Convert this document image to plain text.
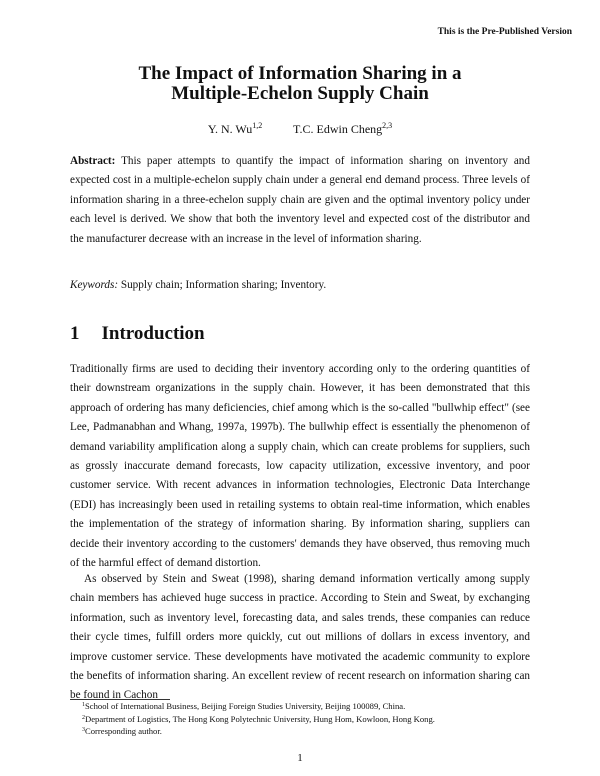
This is the Pre-Published Version
The Impact of Information Sharing in a
Multiple-Echelon Supply Chain
Y. N. Wu$^{1,2}$	T.C. Edwin Cheng$^{2,3}$
Abstract: This paper attempts to quantify the impact of information sharing on inventory and expected cost in a multiple-echelon supply chain under a general end demand process. Three levels of information sharing in a three-echelon supply chain are given and the optimal inventory policy under each level is derived. We show that both the inventory level and expected cost of the distributor and the manufacturer decrease with an increase in the level of information sharing.
Keywords: Supply chain; Information sharing; Inventory.
1 Introduction
Traditionally firms are used to deciding their inventory according only to the ordering quantities of their downstream organizations in the supply chain. However, it has been demonstrated that this approach of ordering has many deficiencies, chief among which is the so-called "bullwhip effect" (see Lee, Padmanabhan and Whang, 1997a, 1997b). The bullwhip effect is essentially the phenomenon of demand variability amplification along a supply chain, which can create problems for suppliers, such as grossly inaccurate demand forecasts, low capacity utilization, excessive inventory, and poor customer service. With recent advances in information technologies, Electronic Data Interchange (EDI) has increasingly been used in retailing systems to obtain real-time information, which enables the implementation of the strategy of information sharing. By information sharing, suppliers can decide their inventory according to the customers' demands they have observed, thus removing much of the harmful effect of demand distortion.
As observed by Stein and Sweat (1998), sharing demand information vertically among supply chain members has achieved huge success in practice. According to Stein and Sweat, by exchanging information, such as inventory level, forecasting data, and sales trends, these companies can reduce their cycle times, fulfill orders more quickly, cut out millions of dollars in excess inventory, and improve customer service. These developments have motivated the academic community to explore the benefits of information sharing. An excellent review of recent research on information sharing can be found in Cachon
$^1$School of International Business, Beijing Foreign Studies University, Beijing 100089, China.
$^2$Department of Logistics, The Hong Kong Polytechnic University, Hung Hom, Kowloon, Hong Kong.
$^3$Corresponding author.
1
